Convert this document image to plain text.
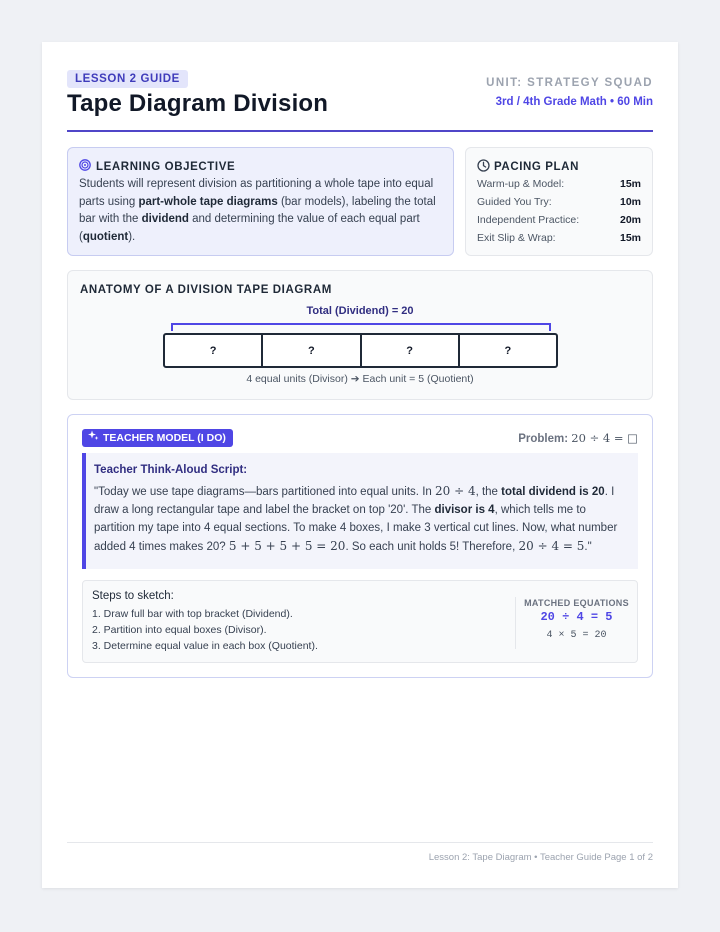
LESSON 2 GUIDE
Tape Diagram Division
UNIT: STRATEGY SQUAD
3rd / 4th Grade Math • 60 Min
LEARNING OBJECTIVE
Students will represent division as partitioning a whole tape into equal parts using part-whole tape diagrams (bar models), labeling the total bar with the dividend and determining the value of each equal part (quotient).
PACING PLAN
Warm-up & Model:	15m
Guided You Try:	10m
Independent Practice:	20m
Exit Slip & Wrap:	15m
ANATOMY OF A DIVISION TAPE DIAGRAM
Total (Dividend) = 20
?	?	?	?
4 equal units (Divisor) ➔ Each unit = 5 (Quotient)
TEACHER MODEL (I DO)	Problem: 20 ÷ 4 = □
Teacher Think-Aloud Script:
"Today we use tape diagrams—bars partitioned into equal units. In 20 ÷ 4, the total dividend is 20. I draw a long rectangular tape and label the bracket on top '20'. The divisor is 4, which tells me to partition my tape into 4 equal sections. To make 4 boxes, I make 3 vertical cut lines. Now, what number added 4 times makes 20? 5 + 5 + 5 + 5 = 20. So each unit holds 5! Therefore, 20 ÷ 4 = 5."
Steps to sketch:
1. Draw full bar with top bracket (Dividend).
2. Partition into equal boxes (Divisor).
3. Determine equal value in each box (Quotient).
MATCHED EQUATIONS
20 ÷ 4 = 5
4 × 5 = 20
Lesson 2: Tape Diagram • Teacher Guide Page 1 of 2
